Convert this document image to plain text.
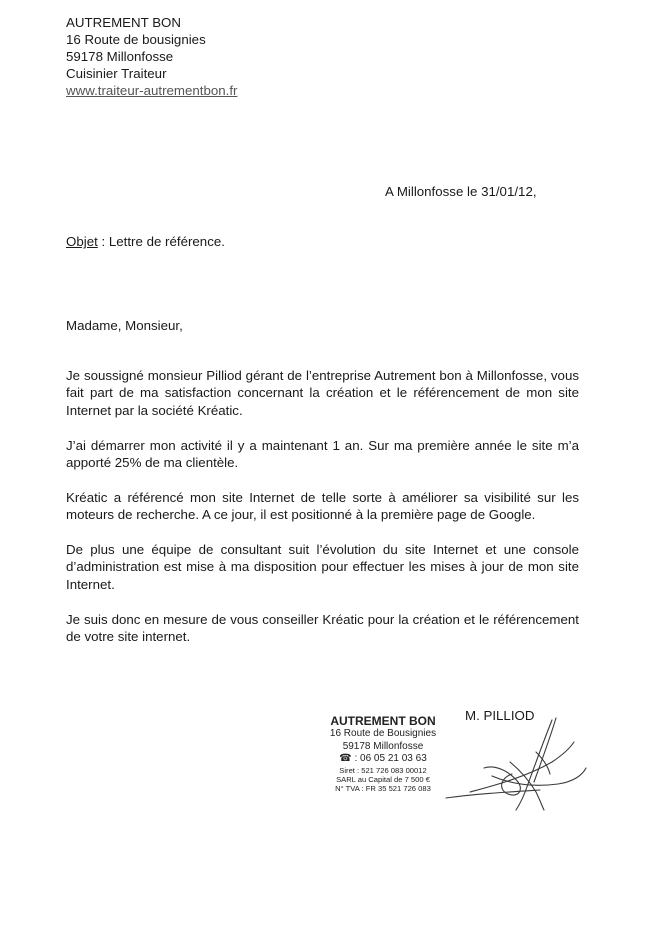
AUTREMENT BON
16 Route de bousignies
59178 Millonfosse
Cuisinier Traiteur
www.traiteur-autrementbon.fr
A Millonfosse le 31/01/12,
Objet : Lettre de référence.
Madame, Monsieur,

Je soussigné monsieur Pilliod gérant de l’entreprise Autrement bon à Millonfosse, vous fait part de ma satisfaction concernant la création et le référencement de mon site Internet par la société Kréatic.

J’ai démarrer mon activité il y a maintenant 1 an. Sur ma première année le site m’a apporté 25% de ma clientèle.

Kréatic a référencé mon site Internet de telle sorte à améliorer sa visibilité sur les moteurs de recherche. A ce jour, il est positionné à la première page de Google.

De plus une équipe de consultant suit l’évolution du site Internet et une console d’administration est mise à ma disposition pour effectuer les mises à jour de mon site Internet.

Je suis donc en mesure de vous conseiller Kréatic pour la création et le référencement de votre site internet.

AUTREMENT BON
16 Route de Bousignies
59178 Millonfosse
☎ : 06 05 21 03 63
Siret : 521 726 083 00012
SARL au Capital de 7 500 €
N° TVA : FR 35 521 726 083
M. PILLIOD
